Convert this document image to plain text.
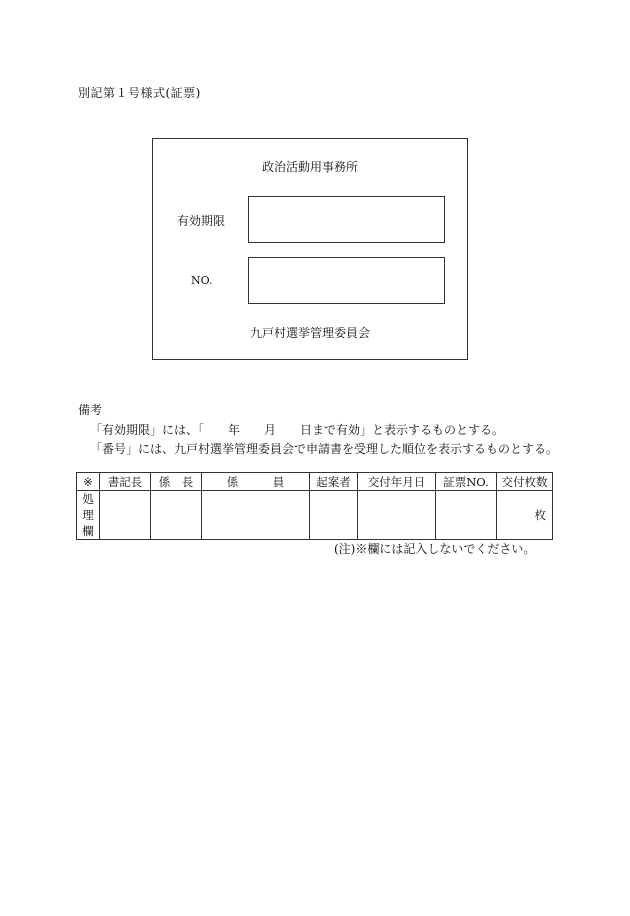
別記第１号様式(証票)
政治活動用事務所
有効期限
NO.
九戸村選挙管理委員会
備考
「有効期限」には、「　　年　　月　　日まで有効」と表示するものとする。
「番号」には、九戸村選挙管理委員会で申請書を受理した順位を表示するものとする。
※	書記長	係　長	係　　　員	起案者	交付年月日	証票NO.	交付枚数

処
理
欄							枚
(注)※欄には記入しないでください。
